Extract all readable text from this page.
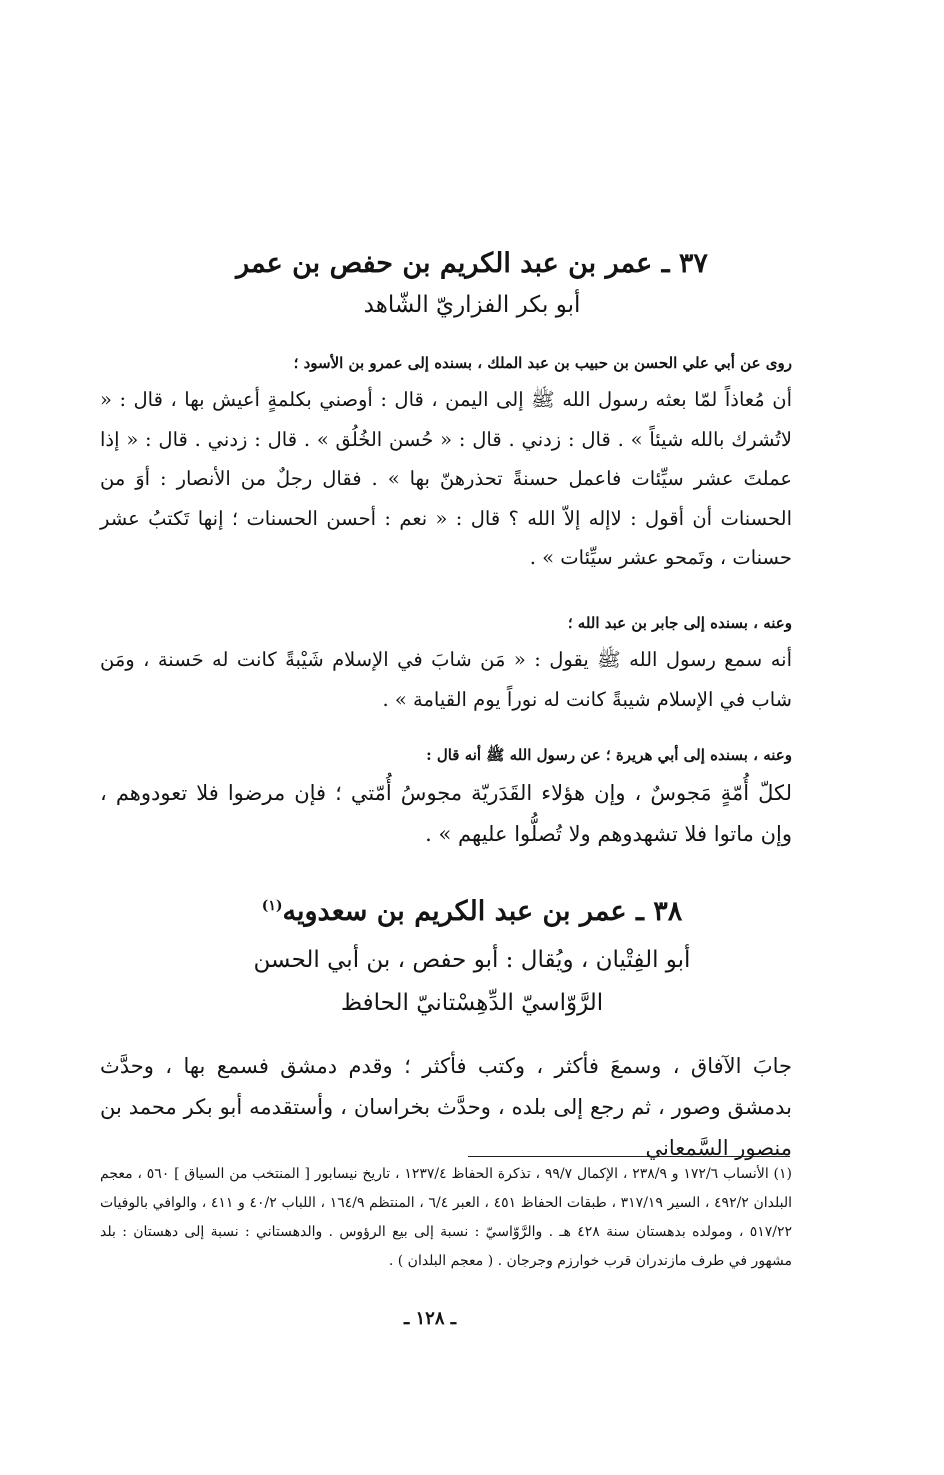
٣٧ ـ عمر بن عبد الكريم بن حفص بن عمر
أبو بكر الفزاريّ الشّاهد
روى عن أبي علي الحسن بن حبيب بن عبد الملك ، بسنده إلى عمرو بن الأسود ؛
أن مُعاذاً لمّا بعثه رسول الله ﷺ إلى اليمن ، قال : أوصني بكلمةٍ أعيش بها ، قال : « لاتُشرك بالله شيئاً » . قال : زدني . قال : « حُسن الخُلُق » . قال : زدني . قال : « إذا عملتَ عشر سيِّئات فاعمل حسنةً تحذرهنّ بها » . فقال رجلٌ من الأنصار : أوَ من الحسنات أن أقول : لاإله إلاّ الله ؟ قال : « نعم : أحسن الحسنات ؛ إنها تَكتبُ عشر حسنات ، وتَمحو عشر سيِّئات » .
وعنه ، بسنده إلى جابر بن عبد الله ؛
أنه سمع رسول الله ﷺ يقول : « مَن شابَ في الإسلام شَيْبةً كانت له حَسنة ، ومَن شاب في الإسلام شيبةً كانت له نوراً يوم القيامة » .
وعنه ، بسنده إلى أبي هريرة ؛ عن رسول الله ﷺ أنه قال :
لكلّ أُمّةٍ مَجوسٌ ، وإن هؤلاء القَدَريّة مجوسُ أُمّتي ؛ فإن مرضوا فلا تعودوهم ، وإن ماتوا فلا تشهدوهم ولا تُصلُّوا عليهم » .
٣٨ ـ عمر بن عبد الكريم بن سعدويه$^{(١)}$
أبو الفِتْيان ، ويُقال : أبو حفص ، بن أبي الحسن
الرَّوّاسيّ الدِّهِسْتانيّ الحافظ
جابَ الآفاق ، وسمعَ فأكثر ، وكتب فأكثر ؛ وقدم دمشق فسمع بها ، وحدَّث بدمشق وصور ، ثم رجع إلى بلده ، وحدَّث بخراسان ، وأستقدمه أبو بكر محمد بن منصور السَّمعاني
(١) الأنساب ١٧٢/٦ و ٢٣٨/٩ ، الإكمال ٩٩/٧ ، تذكرة الحفاظ ١٢٣٧/٤ ، تاريخ نيسابور [ المنتخب من السياق ] ٥٦٠ ، معجم البلدان ٤٩٢/٢ ، السير ٣١٧/١٩ ، طبقات الحفاظ ٤٥١ ، العبر ٦/٤ ، المنتظم ١٦٤/٩ ، اللباب ٤٠/٢ و ٤١١ ، والوافي بالوفيات ٥١٧/٢٢ ، ومولده بدهستان سنة ٤٢٨ هـ . والرَّوّاسيّ : نسبة إلى بيع الرؤوس . والدهستاني : نسبة إلى دهستان : بلد مشهور في طرف مازندران قرب خوارزم وجرجان . ( معجم البلدان ) .
ـ ١٢٨ ـ
